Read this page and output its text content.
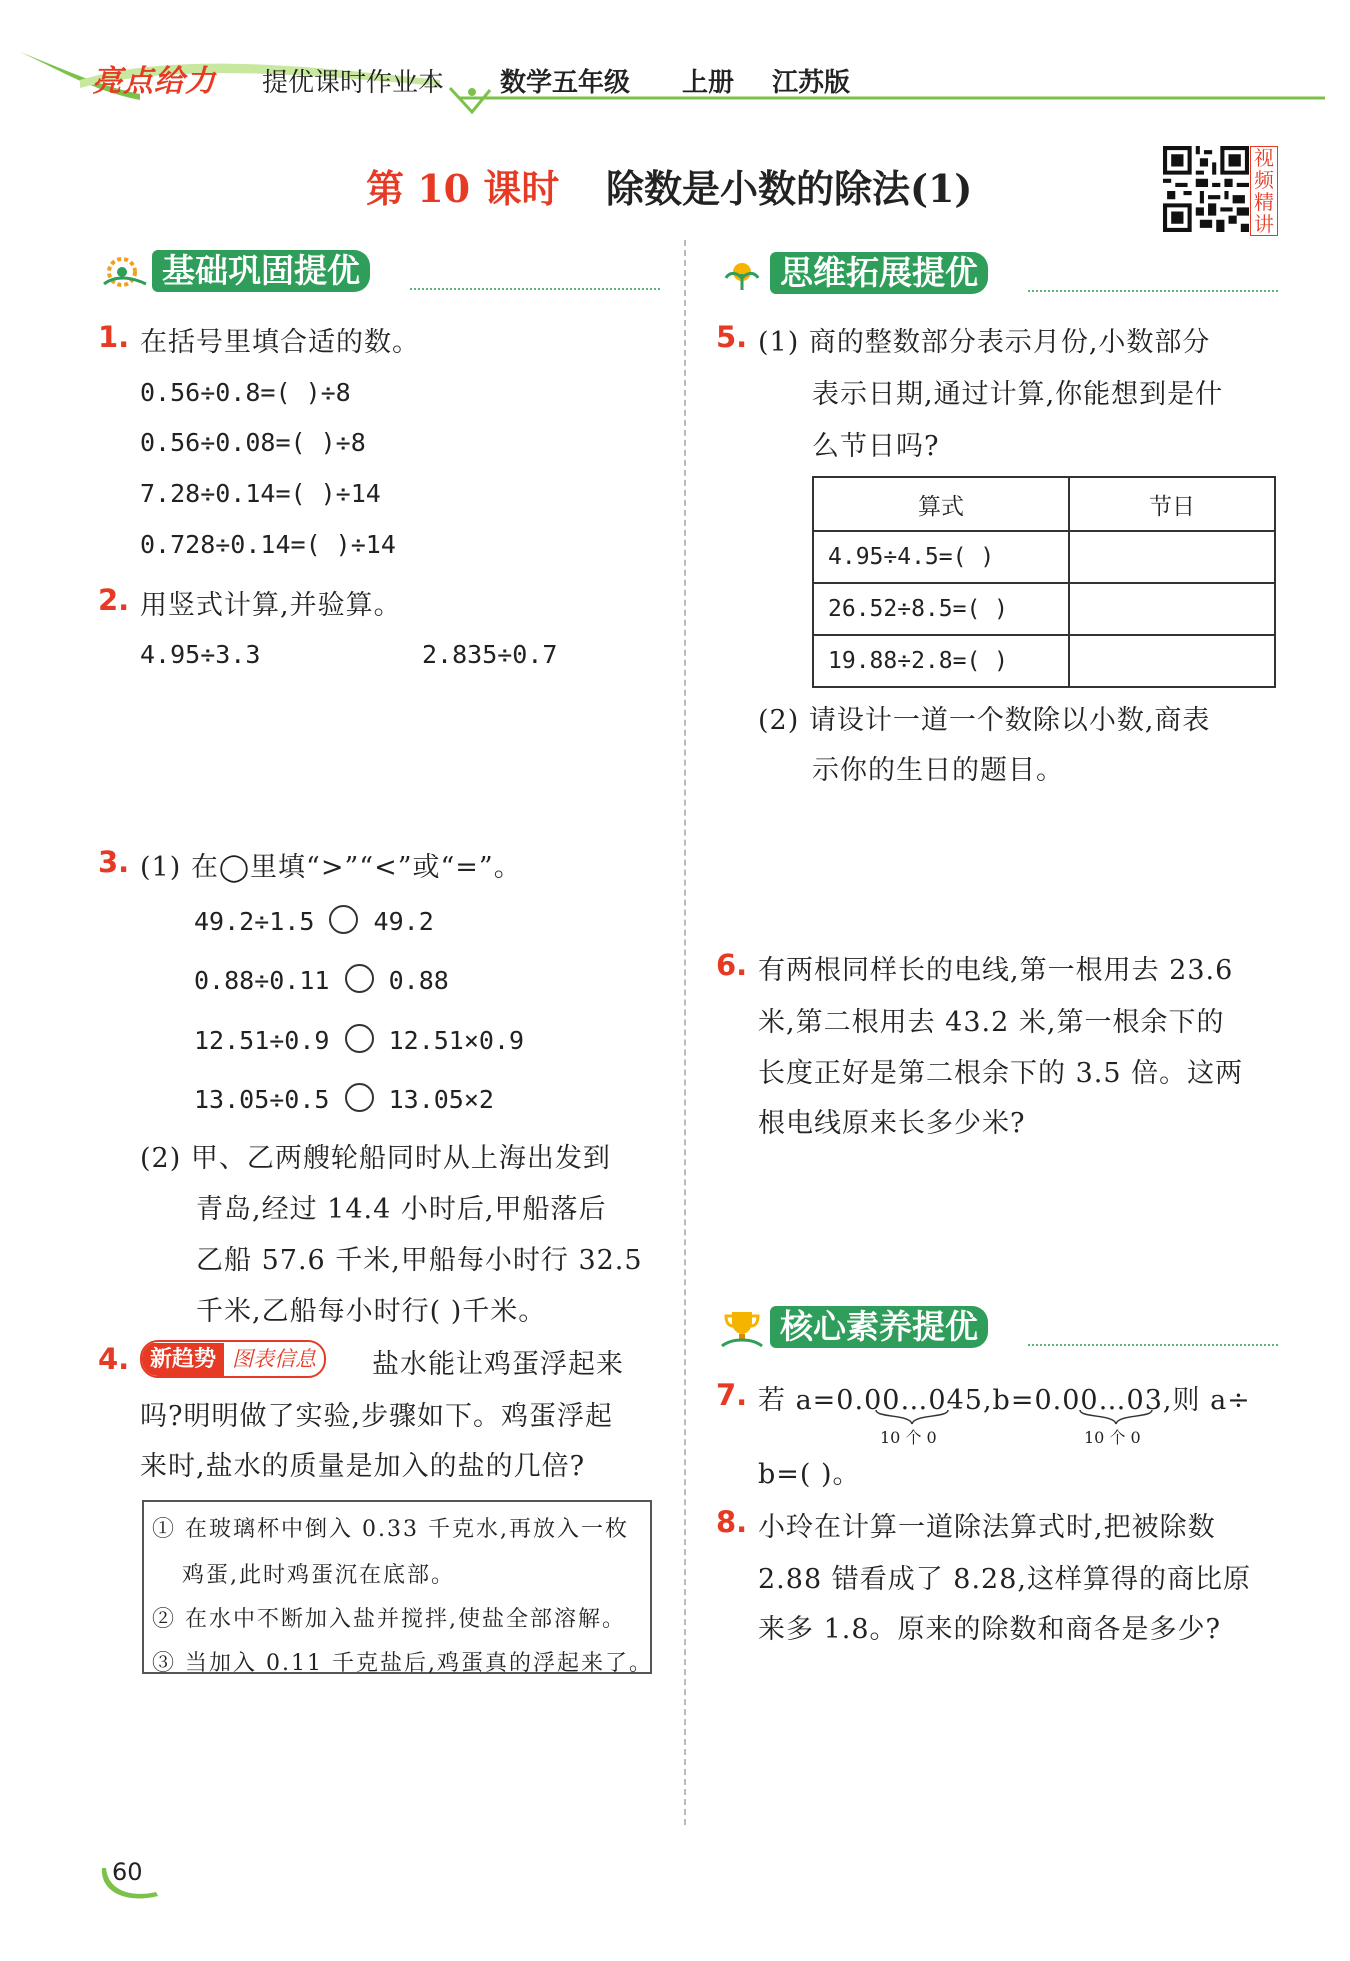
亮点给力	提优课时作业本 数学五年级 上册 江苏版
第 10 课时 除数是小数的除法(1)
视频精讲
基础巩固提优
1. 在括号里填合适的数。
0.56÷0.8=( )÷8
0.56÷0.08=( )÷8
7.28÷0.14=( )÷14
0.728÷0.14=( )÷14
2. 用竖式计算,并验算。
4.95÷3.3	2.835÷0.7
3. (1) 在◯里填“>”“<”或“=”。
49.2÷1.5 49.2
0.88÷0.11 0.88
12.51÷0.9 12.51×0.9
13.05÷0.5 13.05×2
(2) 甲、乙两艘轮船同时从上海出发到
青岛,经过 14.4 小时后,甲船落后
乙船 57.6 千米,甲船每小时行 32.5
千米,乙船每小时行( )千米。
4. 新趋势 图表信息	盐水能让鸡蛋浮起来
吗?明明做了实验,步骤如下。鸡蛋浮起
来时,盐水的质量是加入的盐的几倍?
① 在玻璃杯中倒入 0.33 千克水,再放入一枚
鸡蛋,此时鸡蛋沉在底部。
② 在水中不断加入盐并搅拌,使盐全部溶解。
③ 当加入 0.11 千克盐后,鸡蛋真的浮起来了。
思维拓展提优
5. (1) 商的整数部分表示月份,小数部分
表示日期,通过计算,你能想到是什
么节日吗?
算式	节日
4.95÷4.5=( )	
26.52÷8.5=( )	
19.88÷2.8=( )	
(2) 请设计一道一个数除以小数,商表
示你的生日的题目。
6. 有两根同样长的电线,第一根用去 23.6
米,第二根用去 43.2 米,第一根余下的
长度正好是第二根余下的 3.5 倍。这两
根电线原来长多少米?
核心素养提优
7. 若 a=0.00…045,b=0.00…03,则 a÷
10 个 0	10 个 0
b=( )。
8. 小玲在计算一道除法算式时,把被除数
2.88 错看成了 8.28,这样算得的商比原
来多 1.8。原来的除数和商各是多少?
60
